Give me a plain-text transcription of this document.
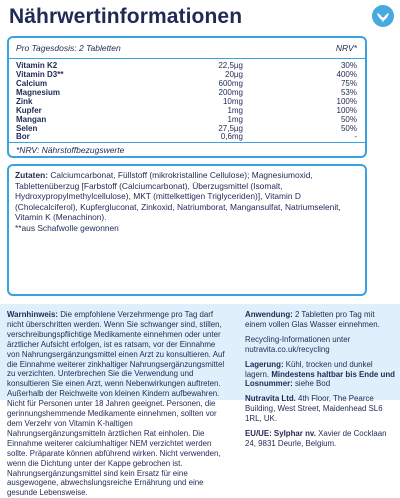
Nährwertinformationen
Pro Tagesdosis: 2 Tabletten	NRV*
Vitamin K2	22,5µg	30%
Vitamin D3**	20µg	400%
Calcium	600mg	75%
Magnesium	200mg	53%
Zink	10mg	100%
Kupfer	1mg	100%
Mangan	1mg	50%
Selen	27,5µg	50%
Bor	0,6mg	-
*NRV: Nährstoffbezugswerte
Zutaten: Calciumcarbonat, Füllstoff (mikrokristalline Cellulose); Magnesiumoxid, Tablettenüberzug [Farbstoff (Calciumcarbonat), Überzugsmittel (Isomalt, Hydroxypropylmethylcellulose), MKT (mittelkettigen Triglyceriden)], Vitamin D (Cholecalciferol), Kupfergluconat, Zinkoxid, Natriumborat, Mangansulfat, Natriumselenit, Vitamin K (Menachinon).
**aus Schafwolle gewonnen
Warnhinweis: Die empfohlene Verzehrmenge pro Tag darf nicht überschritten werden. Wenn Sie schwanger sind, stillen, verschreibungspflichtige Medikamente einnehmen oder unter ärztlicher Aufsicht erfolgen, ist es ratsam, vor der Einnahme von Nahrungsergänzungsmittel einen Arzt zu konsultieren. Auf die Einnahme weiterer zinkhaltiger Nahrungsergänzungsmittel zu verzichten. Unterbrechen Sie die Verwendung und konsultieren Sie einen Arzt, wenn Nebenwirkungen auftreten. Außerhalb der Reichweite von kleinen Kindern aufbewahren. Nicht für Personen unter 18 Jahren geeignet. Personen, die gerinnungshemmende Medikamente einnehmen, sollten vor dem Verzehr von Vitamin K-haltigen Nahrungsergänzungsmitteln ärztlichen Rat einholen. Die Einnahme weiterer calciumhaltiger NEM verzichtet werden sollte. Präparate können abführend wirken. Nicht verwenden, wenn die Dichtung unter der Kappe gebrochen ist. Nahrungsergänzungsmittel sind kein Ersatz für eine ausgewogene, abwechslungsreiche Ernährung und eine gesunde Lebensweise.
Anwendung: 2 Tabletten pro Tag mit einem vollen Glas Wasser einnehmen.
Recycling-Informationen unter nutravita.co.uk/recycling
Lagerung: Kühl, trocken und dunkel lagern. Mindestens haltbar bis Ende und Losnummer: siehe Bod
Nutravita Ltd. 4th Floor, The Pearce Building, West Street, Maidenhead SL6 1RL, UK.
EU/UE: Sylphar nv. Xavier de Cocklaan 24, 9831 Deurle, Belgium.
